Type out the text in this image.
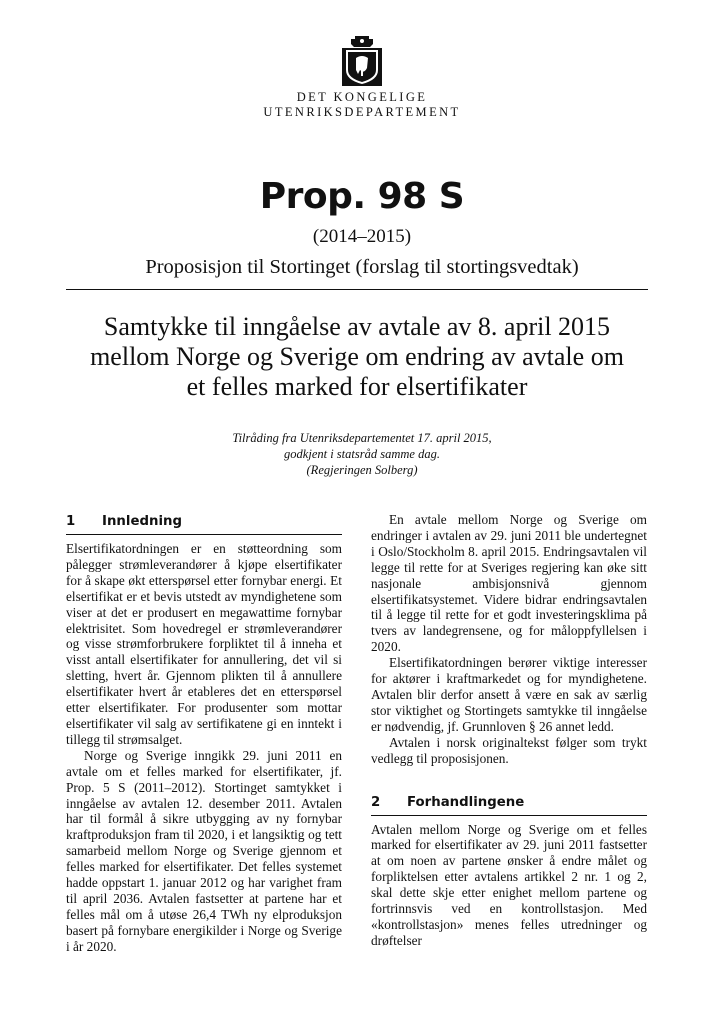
DET KONGELIGE
UTENRIKSDEPARTEMENT
Prop. 98 S
(2014–2015)
Proposisjon til Stortinget (forslag til stortingsvedtak)
Samtykke til inngåelse av avtale av 8. april 2015
mellom Norge og Sverige om endring av avtale om
et felles marked for elsertifikater
Tilråding fra Utenriksdepartementet 17. april 2015,
godkjent i statsråd samme dag.
(Regjeringen Solberg)
1	Innledning

Elsertifikatordningen er en støtteordning som pålegger strømleverandører å kjøpe elsertifikater for å skape økt etterspørsel etter fornybar energi. Et elsertifikat er et bevis utstedt av myndighetene som viser at det er produsert en megawattime fornybar elektrisitet. Som hovedregel er strømleverandører og visse strømforbrukere forpliktet til å inneha et visst antall elsertifikater for annullering, det vil si sletting, hvert år. Gjennom plikten til å annullere elsertifikater hvert år etableres det en etterspørsel etter elsertifikater. For produsenter som mottar elsertifikater vil salg av sertifikatene gi en inntekt i tillegg til strømsalget.

Norge og Sverige inngikk 29. juni 2011 en avtale om et felles marked for elsertifikater, jf. Prop. 5 S (2011–2012). Stortinget samtykket i inngåelse av avtalen 12. desember 2011. Avtalen har til formål å sikre utbygging av ny fornybar kraftproduksjon fram til 2020, i et langsiktig og tett samarbeid mellom Norge og Sverige gjennom et felles marked for elsertifikater. Det felles systemet hadde oppstart 1. januar 2012 og har varighet fram til april 2036. Avtalen fastsetter at partene har et felles mål om å utøse 26,4 TWh ny elproduksjon basert på fornybare energikilder i Norge og Sverige i år 2020.

En avtale mellom Norge og Sverige om endringer i avtalen av 29. juni 2011 ble undertegnet i Oslo/Stockholm 8. april 2015. Endringsavtalen vil legge til rette for at Sveriges regjering kan øke sitt nasjonale ambisjonsnivå gjennom elsertifikatsystemet. Videre bidrar endringsavtalen til å legge til rette for et godt investeringsklima på tvers av landegrensene, og for måloppfyllelsen i 2020.

Elsertifikatordningen berører viktige interesser for aktører i kraftmarkedet og for myndighetene. Avtalen blir derfor ansett å være en sak av særlig stor viktighet og Stortingets samtykke til inngåelse er nødvendig, jf. Grunnloven § 26 annet ledd.

Avtalen i norsk originaltekst følger som trykt vedlegg til proposisjonen.

2	Forhandlingene

Avtalen mellom Norge og Sverige om et felles marked for elsertifikater av 29. juni 2011 fastsetter at om noen av partene ønsker å endre målet og forpliktelsen etter avtalens artikkel 2 nr. 1 og 2, skal dette skje etter enighet mellom partene og fortrinnsvis ved en kontrollstasjon. Med «kontrollstasjon» menes felles utredninger og drøftelser
